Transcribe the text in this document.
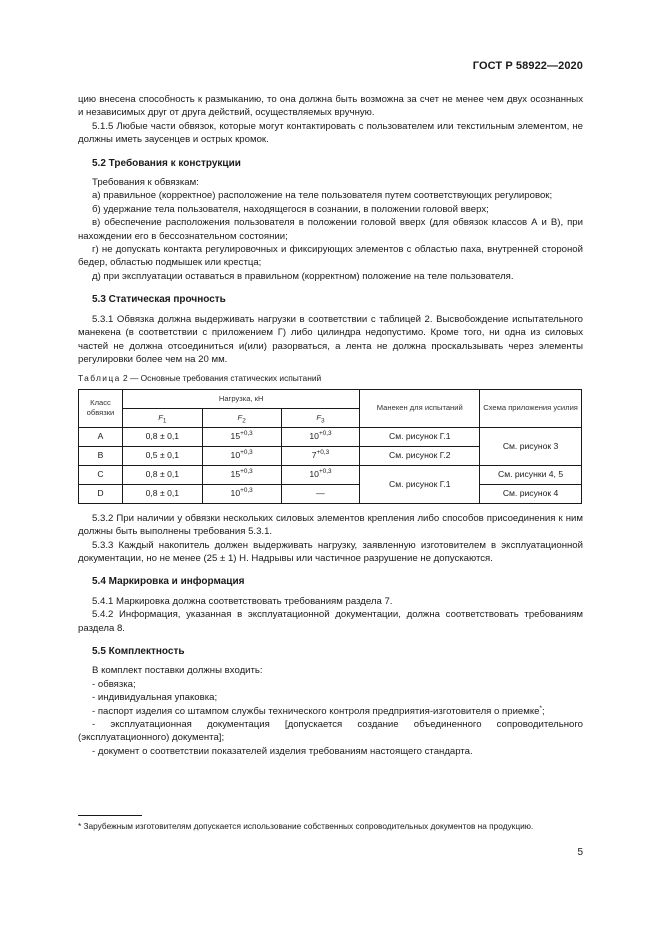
ГОСТ Р 58922—2020

цию внесена способность к размыканию, то она должна быть возможна за счет не менее чем двух осознанных и независимых друг от друга действий, осуществляемых вручную.

5.1.5 Любые части обвязок, которые могут контактировать с пользователем или текстильным элементом, не должны иметь заусенцев и острых кромок.

5.2 Требования к конструкции

Требования к обвязкам:

а) правильное (корректное) расположение на теле пользователя путем соответствующих регулировок;

б) удержание тела пользователя, находящегося в сознании, в положении головой вверх;

в) обеспечение расположения пользователя в положении головой вверх (для обвязок классов А и В), при нахождении его в бессознательном состоянии;

г) не допускать контакта регулировочных и фиксирующих элементов с областью паха, внутренней стороной бедер, областью подмышек или крестца;

д) при эксплуатации оставаться в правильном (корректном) положение на теле пользователя.

5.3 Статическая прочность

5.3.1 Обвязка должна выдерживать нагрузки в соответствии с таблицей 2. Высвобождение испытательного манекена (в соответствии с приложением Г) либо цилиндра недопустимо. Кроме того, ни одна из силовых частей не должна отсоединиться и(или) разорваться, а лента не должна проскальзывать через элементы регулировки более чем на 20 мм.

Таблица 2 — Основные требования статических испытаний
Класс обвязки	Нагрузка, кН			Манекен для испытаний	Схема приложения усилия
	$F_1$	$F_2$	$F_3$
А	0,8 ± 0,1	$15^{+0,3}$	$10^{+0,3}$	См. рисунок Г.1	См. рисунок 3
В	0,5 ± 0,1	$10^{+0,3}$	$7^{+0,3}$	См. рисунок Г.2	
С	0,8 ± 0,1	$15^{+0,3}$	$10^{+0,3}$	См. рисунок Г.1	См. рисунки 4, 5
D	0,8 ± 0,1	$10^{+0,3}$	—		См. рисунок 4

5.3.2 При наличии у обвязки нескольких силовых элементов крепления либо способов присоединения к ним должны быть выполнены требования 5.3.1.

5.3.3 Каждый накопитель должен выдерживать нагрузку, заявленную изготовителем в эксплуатационной документации, но не менее (25 ± 1) Н. Надрывы или частичное разрушение не допускаются.

5.4 Маркировка и информация

5.4.1 Маркировка должна соответствовать требованиям раздела 7.

5.4.2 Информация, указанная в эксплуатационной документации, должна соответствовать требованиям раздела 8.

5.5 Комплектность

В комплект поставки должны входить:

- обвязка;

- индивидуальная упаковка;

- паспорт изделия со штампом службы технического контроля предприятия-изготовителя о приемке*;

- эксплуатационная документация [допускается создание объединенного сопроводительного (эксплуатационного) документа];

- документ о соответствии показателей изделия требованиям настоящего стандарта.

* Зарубежным изготовителям допускается использование собственных сопроводительных документов на продукцию.
5
